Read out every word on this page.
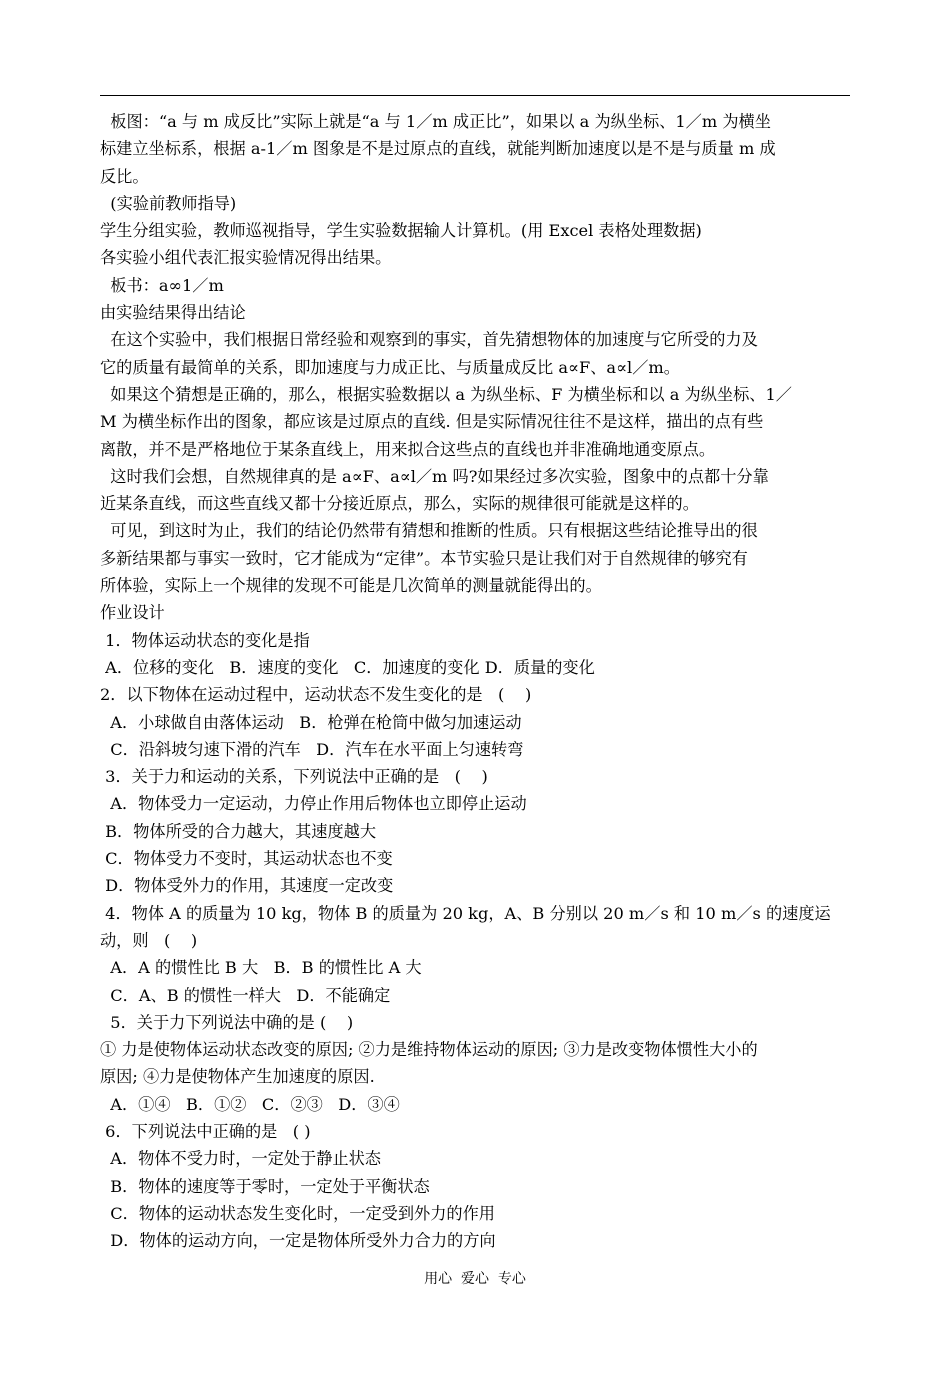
板图：“a 与 m 成反比”实际上就是“a 与 1／m 成正比”，如果以 a 为纵坐标、1／m 为横坐
标建立坐标系，根据 a-1／m 图象是不是过原点的直线，就能判断加速度以是不是与质量 m 成
反比。
(实验前教师指导)
学生分组实验，教师巡视指导，学生实验数据输人计算机。(用 Excel 表格处理数据)
各实验小组代表汇报实验情况得出结果。
板书：a∞1／m
由实验结果得出结论
在这个实验中，我们根据日常经验和观察到的事实，首先猜想物体的加速度与它所受的力及
它的质量有最简单的关系，即加速度与力成正比、与质量成反比 a∝F、a∝l／m。
如果这个猜想是正确的，那么，根据实验数据以 a 为纵坐标、F 为横坐标和以 a 为纵坐标、1／
M 为横坐标作出的图象，都应该是过原点的直线. 但是实际情况往往不是这样，描出的点有些
离散，并不是严格地位于某条直线上，用来拟合这些点的直线也并非准确地通变原点。
这时我们会想，自然规律真的是 a∝F、a∝l／m 吗?如果经过多次实验，图象中的点都十分靠
近某条直线，而这些直线又都十分接近原点，那么，实际的规律很可能就是这样的。
可见，到这时为止，我们的结论仍然带有猜想和推断的性质。只有根据这些结论推导出的很
多新结果都与事实一致时，它才能成为“定律”。本节实验只是让我们对于自然规律的够究有
所体验，实际上一个规律的发现不可能是几次简单的测量就能得出的。
作业设计
1．物体运动状态的变化是指
A．位移的变化   B．速度的变化   C．加速度的变化 D．质量的变化
2．以下物体在运动过程中，运动状态不发生变化的是   (    )
A．小球做自由落体运动   B．枪弹在枪筒中做匀加速运动
C．沿斜坡匀速下滑的汽车   D．汽车在水平面上匀速转弯
3．关于力和运动的关系，下列说法中正确的是   (    )
A．物体受力一定运动，力停止作用后物体也立即停止运动
B．物体所受的合力越大，其速度越大
C．物体受力不变时，其运动状态也不变
D．物体受外力的作用，其速度一定改变
4．物体 A 的质量为 10 kg，物体 B 的质量为 20 kg，A、B 分别以 20 m／s 和 10 m／s 的速度运
动，则   (    )
A．A 的惯性比 B 大   B．B 的惯性比 A 大
C．A、B 的惯性一样大   D．不能确定
5．关于力下列说法中确的是 (    )
① 力是使物体运动状态改变的原因; ②力是维持物体运动的原因; ③力是改变物体惯性大小的
原因; ④力是使物体产生加速度的原因.
A．①④   B．①②   C．②③   D．③④
6．下列说法中正确的是   ( )
A．物体不受力时，一定处于静止状态
B．物体的速度等于零时，一定处于平衡状态
C．物体的运动状态发生变化时，一定受到外力的作用
D．物体的运动方向，一定是物体所受外力合力的方向
用心  爱心  专心
